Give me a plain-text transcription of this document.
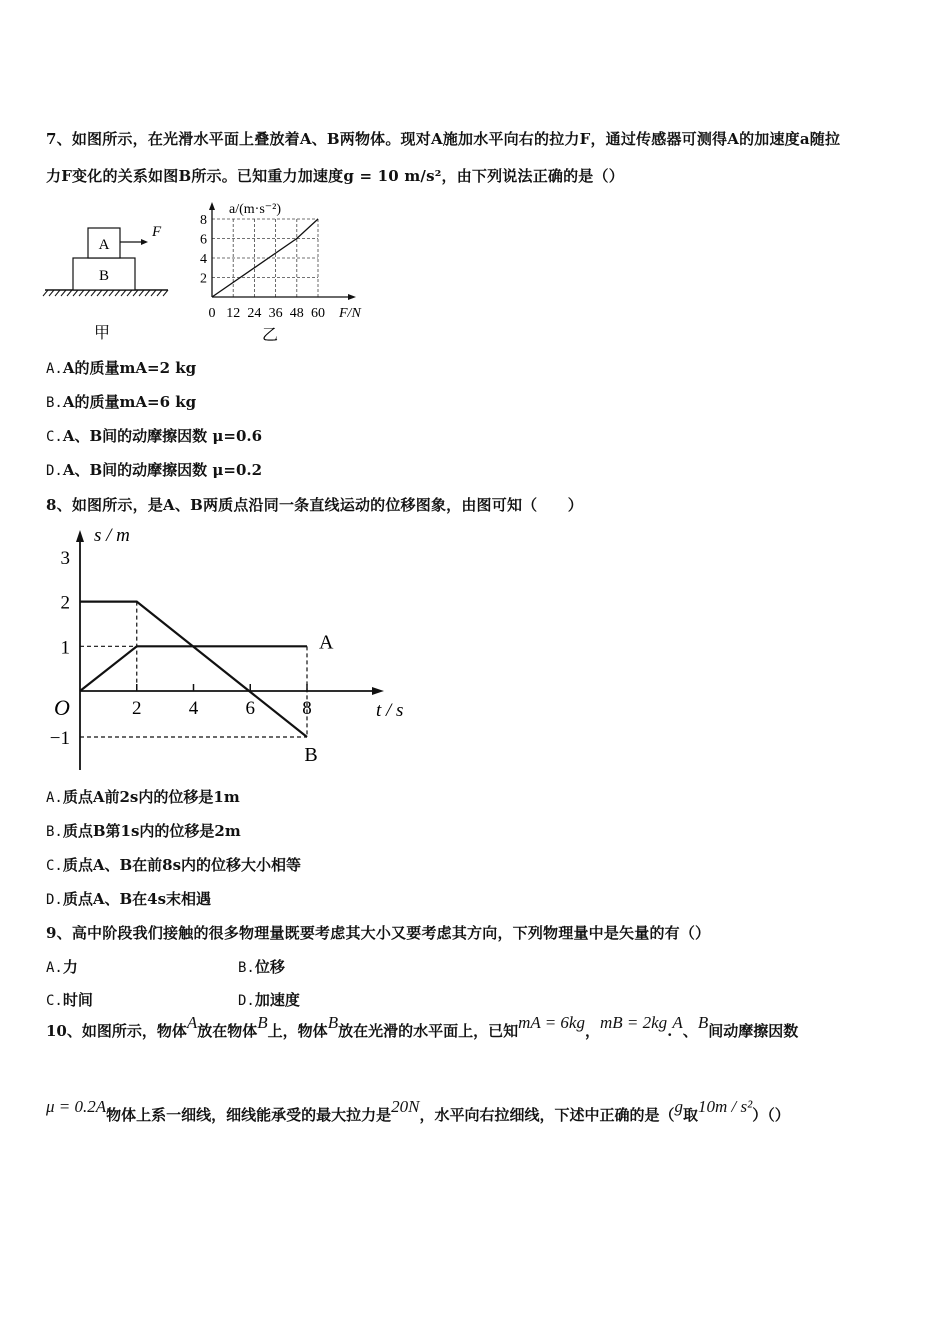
7、如图所示，在光滑水平面上叠放着A、B两物体。现对A施加水平向右的拉力F，通过传感器可测得A的加速度a随拉
力F变化的关系如图B所示。已知重力加速度g = 10 m/s²，由下列说法正确的是（）
B
A
F
甲
0 12 24 36 48 60
2
4
6
8
a/(m·s⁻²)
F/N
乙
A.A的质量mA=2 kg
B.A的质量mA=6 kg
C.A、B间的动摩擦因数 μ=0.6
D.A、B间的动摩擦因数 μ=0.2
8、如图所示，是A、B两质点沿同一条直线运动的位移图象，由图可知（　　）
A
B
2 4 6 8
3
2
1
−1
s / m
t / s
O
A.质点A前2s内的位移是1m
B.质点B第1s内的位移是2m
C.质点A、B在前8s内的位移大小相等
D.质点A、B在4s末相遇
9、高中阶段我们接触的很多物理量既要考虑其大小又要考虑其方向，下列物理量中是矢量的有（）
A.力	B.位移
C.时间	D.加速度
10、如图所示，物体A放在物体B上，物体B放在光滑的水平面上，已知mA = 6kg，mB = 2kg.A、B间动摩擦因数
μ = 0.2A物体上系一细线，细线能承受的最大拉力是20N，水平向右拉细线，下述中正确的是（g取10m / s²）（）
